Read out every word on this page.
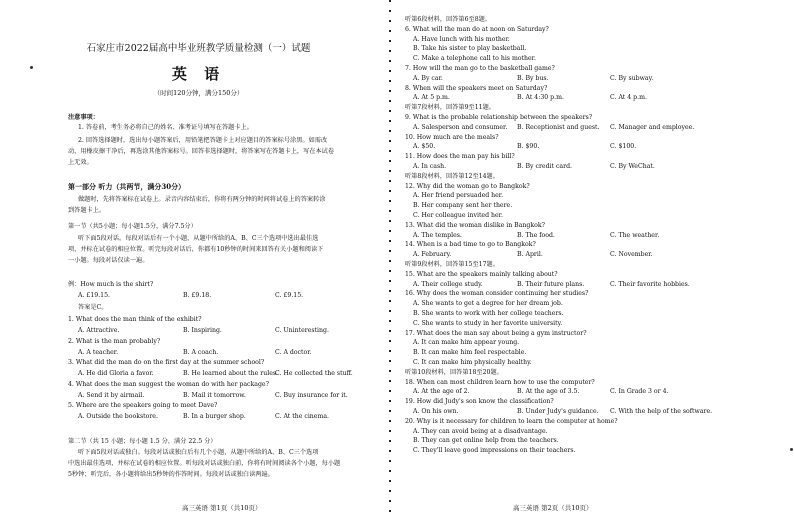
石家庄市2022届高中毕业班教学质量检测（一）试题
英 语
（时间120分钟，满分150分）
注意事项：
1. 答卷前，考生务必将自己的姓名、准考证号填写在答题卡上。
2. 回答选择题时，选出每小题答案后，用铅笔把答题卡上对应题目的答案标号涂黑。如需改
动，用橡皮擦干净后，再选涂其他答案标号。回答非选择题时，将答案写在答题卡上，写在本试卷
上无效。
第一部分 听力（共两节，满分30分）
做题时，先将答案标在试卷上。录音内容结束后，你将有两分钟的时间将试卷上的答案转涂
到答题卡上。
第一节（共5小题；每小题1.5分，满分7.5分）
听下面5段对话。每段对话后有一个小题，从题中所给的A、B、C三个选项中选出最佳选
项，并标在试卷的相应位置。听完每段对话后，你都有10秒钟的时间来回答有关小题和阅读下
一小题。每段对话仅读一遍。
例：How much is the shirt?
A. £19.15.	B. £9.18.	C. £9.15.
答案是C。
1. What does the man think of the exhibit?
A. Attractive.	B. Inspiring.	C. Uninteresting.
2. What is the man probably?
A. A teacher.	B. A coach.	C. A doctor.
3. What did the man do on the first day at the summer school?
A. He did Gloria a favor.	B. He learned about the rules.
C. He collected the stuff.
4. What does the man suggest the woman do with her package?
A. Send it by airmail.	B. Mail it tomorrow.	C. Buy insurance for it.
5. Where are the speakers going to meet Dave?
A. Outside the bookstore.	B. In a burger shop.	C. At the cinema.
第二节（共 15 小题；每小题 1.5 分，满分 22.5 分）
听下面5段对话或独白。每段对话或独白后有几个小题，从题中所给的A、B、C三个选项
中选出最佳选项，并标在试卷的相应位置。听每段对话或独白前，你将有时间阅读各个小题，每小题
5秒钟；听完后，各小题将给出5秒钟的作答时间。每段对话或独白读两遍。
高三英语 第1页（共10页）
听第6段材料，回答第6至8题。
6. What will the man do at noon on Saturday?
A. Have lunch with his mother.
B. Take his sister to play basketball.
C. Make a telephone call to his mother.
7. How will the man go to the basketball game?
A. By car.	B. By bus.	C. By subway.
8. When will the speakers meet on Saturday?
A. At 5 p.m.	B. At 4:30 p.m.	C. At 4 p.m.
听第7段材料，回答第9至11题。
9. What is the probable relationship between the speakers?
A. Salesperson and consumer. B. Receptionist and guest. C. Manager and employee.
10. How much are the meals?
A. $50.	B. $90.	C. $100.
11. How does the man pay his bill?
A. In cash.	B. By credit card.	C. By WeChat.
听第8段材料，回答第12至14题。
12. Why did the woman go to Bangkok?
A. Her friend persuaded her.
B. Her company sent her there.
C. Her colleague invited her.
13. What did the woman dislike in Bangkok?
A. The temples.	B. The food.	C. The weather.
14. When is a bad time to go to Bangkok?
A. February.	B. April.	C. November.
听第9段材料，回答第15至17题。
15. What are the speakers mainly talking about?
A. Their college study.	B. Their future plans.	C. Their favorite hobbies.
16. Why does the woman consider continuing her studies?
A. She wants to get a degree for her dream job.
B. She wants to work with her college teachers.
C. She wants to study in her favorite university.
17. What does the man say about being a gym instructor?
A. It can make him appear young.
B. It can make him feel respectable.
C. It can make him physically healthy.
听第10段材料，回答第18至20题。
18. When can most children learn how to use the computer?
A. At the age of 2.	B. At the age of 3.5.	C. In Grade 3 or 4.
19. How did Judy's son know the classification?
A. On his own.	B. Under Judy's guidance. C. With the help of the software.
20. Why is it necessary for children to learn the computer at home?
A. They can avoid being at a disadvantage.
B. They can get online help from the teachers.
C. They'll leave good impressions on their teachers.
高三英语 第2页（共10页）
